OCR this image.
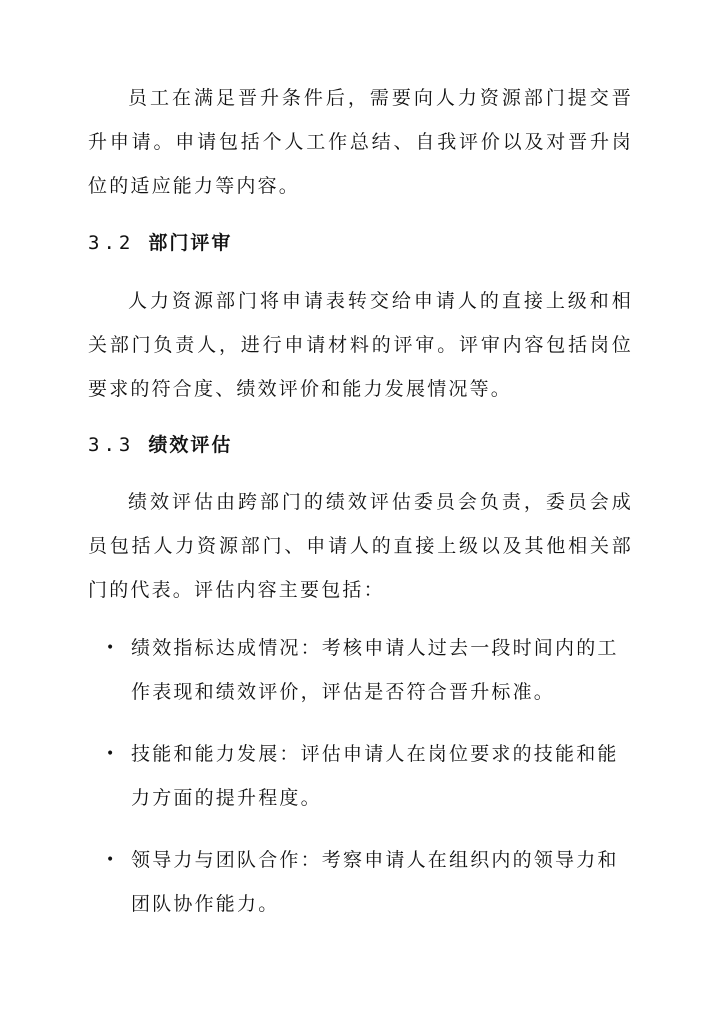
员工在满足晋升条件后，需要向人力资源部门提交晋升申请。申请包括个人工作总结、自我评价以及对晋升岗位的适应能力等内容。

3.2 部门评审

人力资源部门将申请表转交给申请人的直接上级和相关部门负责人，进行申请材料的评审。评审内容包括岗位要求的符合度、绩效评价和能力发展情况等。

3.3 绩效评估

绩效评估由跨部门的绩效评估委员会负责，委员会成员包括人力资源部门、申请人的直接上级以及其他相关部门的代表。评估内容主要包括：

• 绩效指标达成情况：考核申请人过去一段时间内的工作表现和绩效评价，评估是否符合晋升标准。
• 技能和能力发展：评估申请人在岗位要求的技能和能力方面的提升程度。
• 领导力与团队合作：考察申请人在组织内的领导力和团队协作能力。
